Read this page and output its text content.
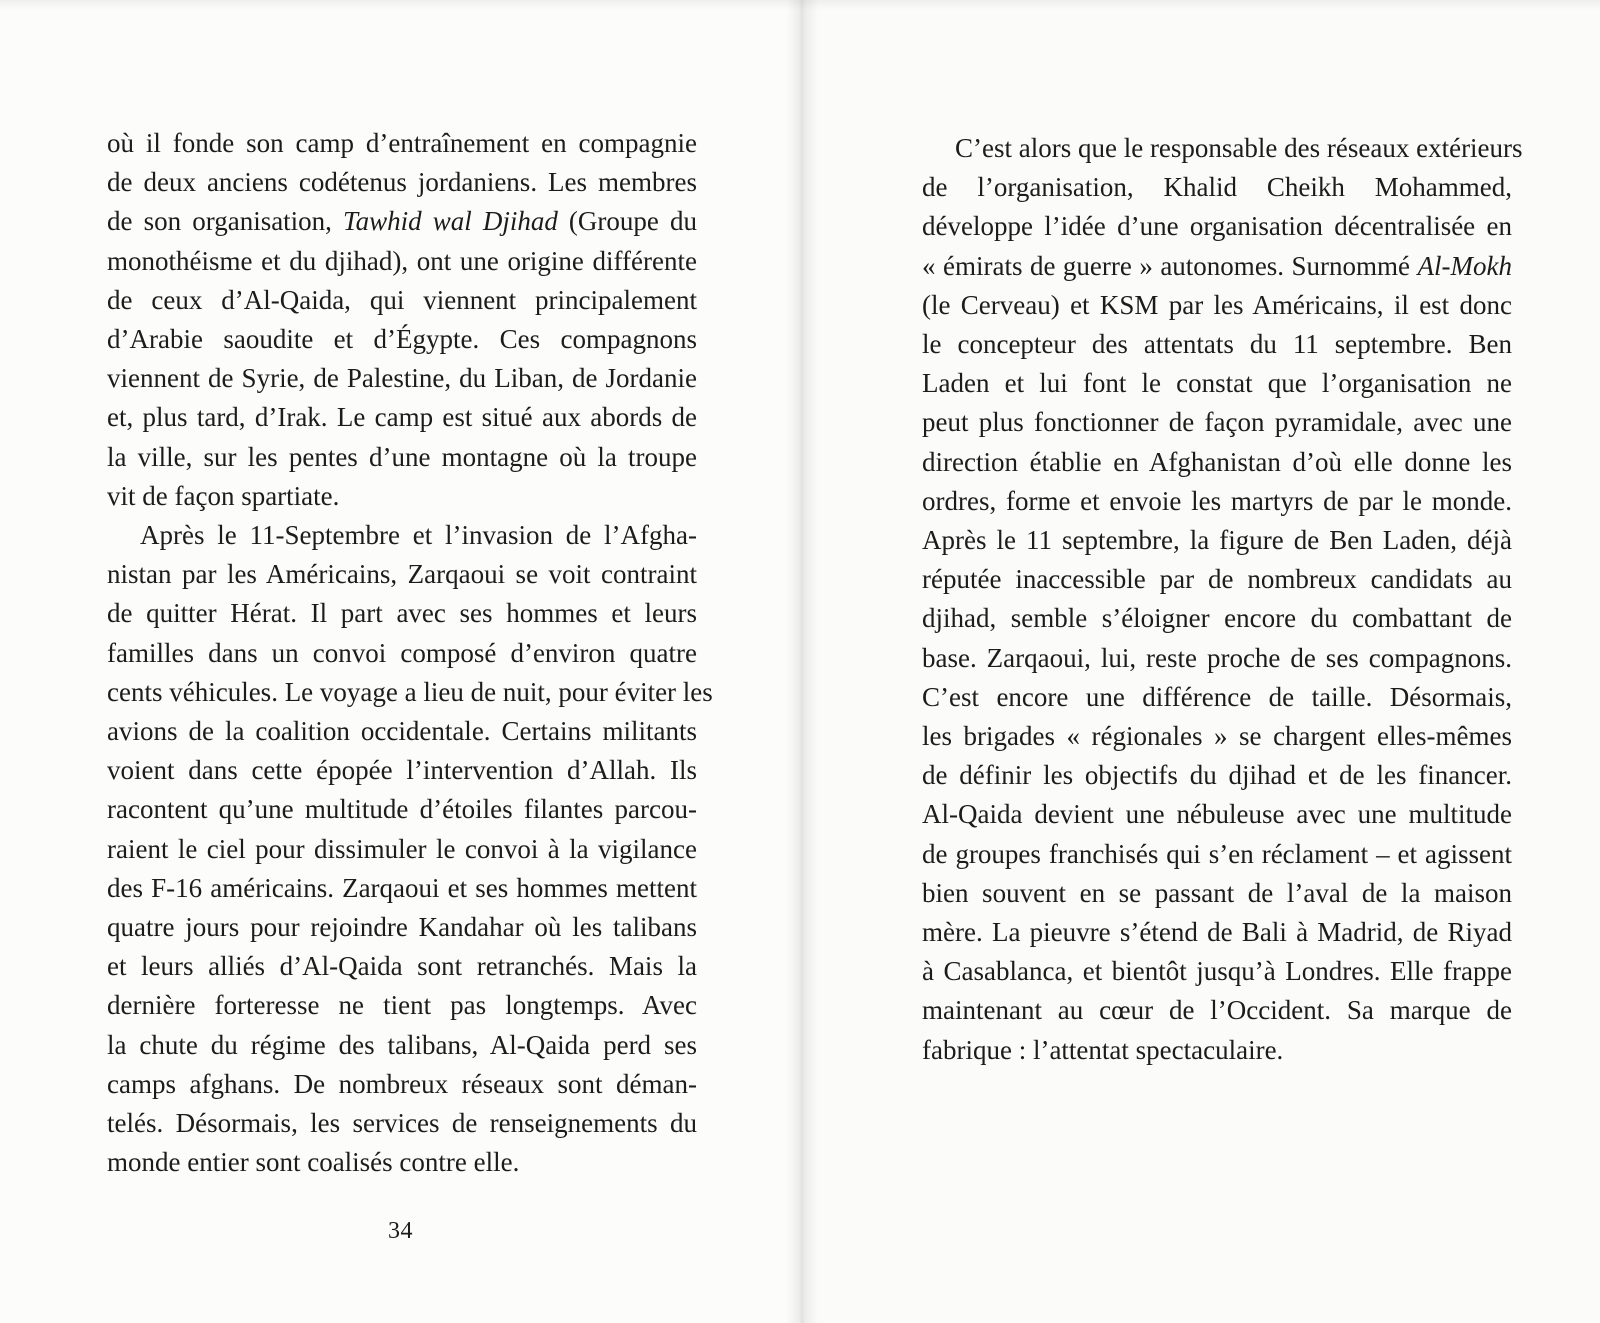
où il fonde son camp d’entraînement en compagnie
de deux anciens codétenus jordaniens. Les membres
de son organisation, Tawhid wal Djihad (Groupe du
monothéisme et du djihad), ont une origine différente
de ceux d’Al-Qaida, qui viennent principalement
d’Arabie saoudite et d’Égypte. Ces compagnons
viennent de Syrie, de Palestine, du Liban, de Jordanie
et, plus tard, d’Irak. Le camp est situé aux abords de
la ville, sur les pentes d’une montagne où la troupe
vit de façon spartiate.
Après le 11-Septembre et l’invasion de l’Afgha-
nistan par les Américains, Zarqaoui se voit contraint
de quitter Hérat. Il part avec ses hommes et leurs
familles dans un convoi composé d’environ quatre
cents véhicules. Le voyage a lieu de nuit, pour éviter les
avions de la coalition occidentale. Certains militants
voient dans cette épopée l’intervention d’Allah. Ils
racontent qu’une multitude d’étoiles filantes parcou-
raient le ciel pour dissimuler le convoi à la vigilance
des F-16 américains. Zarqaoui et ses hommes mettent
quatre jours pour rejoindre Kandahar où les talibans
et leurs alliés d’Al-Qaida sont retranchés. Mais la
dernière forteresse ne tient pas longtemps. Avec
la chute du régime des talibans, Al-Qaida perd ses
camps afghans. De nombreux réseaux sont déman-
telés. Désormais, les services de renseignements du
monde entier sont coalisés contre elle.
34
C’est alors que le responsable des réseaux extérieurs
de l’organisation, Khalid Cheikh Mohammed,
développe l’idée d’une organisation décentralisée en
« émirats de guerre » autonomes. Surnommé Al-Mokh
(le Cerveau) et KSM par les Américains, il est donc
le concepteur des attentats du 11 septembre. Ben
Laden et lui font le constat que l’organisation ne
peut plus fonctionner de façon pyramidale, avec une
direction établie en Afghanistan d’où elle donne les
ordres, forme et envoie les martyrs de par le monde.
Après le 11 septembre, la figure de Ben Laden, déjà
réputée inaccessible par de nombreux candidats au
djihad, semble s’éloigner encore du combattant de
base. Zarqaoui, lui, reste proche de ses compagnons.
C’est encore une différence de taille. Désormais,
les brigades « régionales » se chargent elles-mêmes
de définir les objectifs du djihad et de les financer.
Al-Qaida devient une nébuleuse avec une multitude
de groupes franchisés qui s’en réclament – et agissent
bien souvent en se passant de l’aval de la maison
mère. La pieuvre s’étend de Bali à Madrid, de Riyad
à Casablanca, et bientôt jusqu’à Londres. Elle frappe
maintenant au cœur de l’Occident. Sa marque de
fabrique : l’attentat spectaculaire.
